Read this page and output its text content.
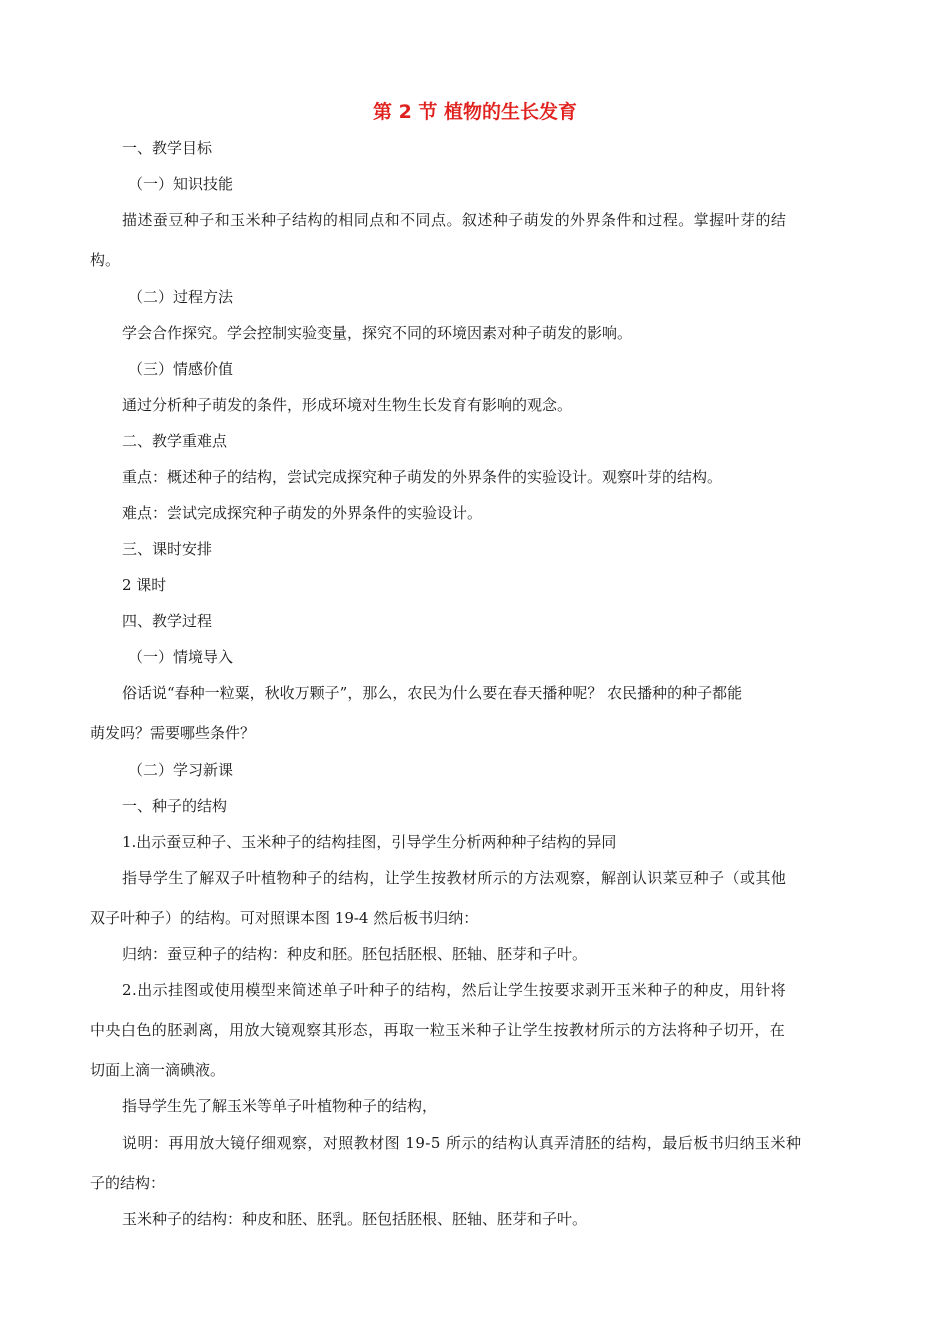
第 2 节 植物的生长发育
一、教学目标
（一）知识技能
描述蚕豆种子和玉米种子结构的相同点和不同点。叙述种子萌发的外界条件和过程。掌握叶芽的结
构。
（二）过程方法
学会合作探究。学会控制实验变量，探究不同的环境因素对种子萌发的影响。
（三）情感价值
通过分析种子萌发的条件，形成环境对生物生长发育有影响的观念。
二、教学重难点
重点：概述种子的结构，尝试完成探究种子萌发的外界条件的实验设计。观察叶芽的结构。
难点：尝试完成探究种子萌发的外界条件的实验设计。
三、课时安排
2 课时
四、教学过程
（一）情境导入
俗话说“春种一粒粟，秋收万颗子”，那么，农民为什么要在春天播种呢？ 农民播种的种子都能
萌发吗？需要哪些条件？
（二）学习新课
一、种子的结构
1.出示蚕豆种子、玉米种子的结构挂图，引导学生分析两种种子结构的异同
指导学生了解双子叶植物种子的结构，让学生按教材所示的方法观察，解剖认识菜豆种子（或其他
双子叶种子）的结构。可对照课本图 19-4 然后板书归纳：
归纳：蚕豆种子的结构：种皮和胚。胚包括胚根、胚轴、胚芽和子叶。
2.出示挂图或使用模型来简述单子叶种子的结构，然后让学生按要求剥开玉米种子的种皮，用针将
中央白色的胚剥离，用放大镜观察其形态，再取一粒玉米种子让学生按教材所示的方法将种子切开，在
切面上滴一滴碘液。
指导学生先了解玉米等单子叶植物种子的结构，
说明：再用放大镜仔细观察，对照教材图 19-5 所示的结构认真弄清胚的结构，最后板书归纳玉米种
子的结构：
玉米种子的结构：种皮和胚、胚乳。胚包括胚根、胚轴、胚芽和子叶。
